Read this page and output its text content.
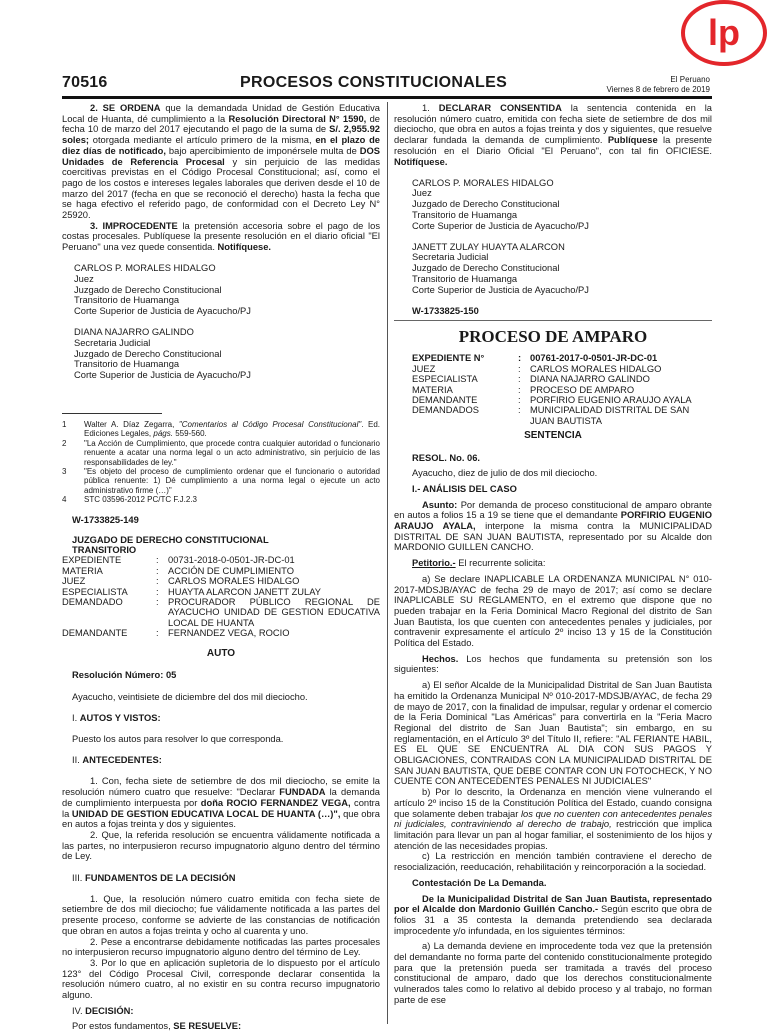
lp
70516	PROCESOS CONSTITUCIONALES	El Peruano
Viernes 8 de febrero de 2019

2. SE ORDENA que la demandada Unidad de Gestión Educativa Local de Huanta, dé cumplimiento a la Resolución Directoral N° 1590, de fecha 10 de marzo del 2017 ejecutando el pago de la suma de S/. 2,955.92 soles; otorgada mediante el artículo primero de la misma, en el plazo de diez días de notificado, bajo apercibimiento de imponérsele multa de DOS Unidades de Referencia Procesal y sin perjuicio de las medidas coercitivas previstas en el Código Procesal Constitucional; así, como el pago de los costos e intereses legales laborales que deriven desde el 10 de marzo del 2017 (fecha en que se reconoció el derecho) hasta la fecha que se haga efectivo el referido pago, de conformidad con el Decreto Ley N° 25920.

3. IMPROCEDENTE la pretensión accesoria sobre el pago de los costas procesales. Publíquese la presente resolución en el diario oficial "El Peruano" una vez quede consentida. Notifíquese.

CARLOS P. MORALES HIDALGO
Juez
Juzgado de Derecho Constitucional
Transitorio de Huamanga
Corte Superior de Justicia de Ayacucho/PJ
DIANA NAJARRO GALINDO
Secretaria Judicial
Juzgado de Derecho Constitucional
Transitorio de Huamanga
Corte Superior de Justicia de Ayacucho/PJ
1	Walter A. Díaz Zegarra, "Comentarios al Código Procesal Constitucional". Ed. Ediciones Legales, págs. 559-560.
2	"La Acción de Cumplimiento, que procede contra cualquier autoridad o funcionario renuente a acatar una norma legal o un acto administrativo, sin perjuicio de las responsabilidades de ley."
3	"Es objeto del proceso de cumplimiento ordenar que el funcionario o autoridad pública renuente: 1) Dé cumplimiento a una norma legal o ejecute un acto administrativo firme (…)"
4	STC 03596-2012 PC/TC F.J.2.3
W-1733825-149
JUZGADO DE DERECHO CONSTITUCIONAL
TRANSITORIO
EXPEDIENTE	:	00731-2018-0-0501-JR-DC-01
MATERIA	:	ACCIÓN DE CUMPLIMIENTO
JUEZ	:	CARLOS MORALES HIDALGO
ESPECIALISTA	:	HUAYTA ALARCON JANETT ZULAY
DEMANDADO	:	PROCURADOR PÚBLICO REGIONAL DE AYACUCHO UNIDAD DE GESTION EDUCATIVA LOCAL DE HUANTA
DEMANDANTE	:	FERNANDEZ VEGA, ROCIO
AUTO

Resolución Número: 05

Ayacucho, veintisiete de diciembre del dos mil dieciocho.

I. AUTOS Y VISTOS:

Puesto los autos para resolver lo que corresponda.

II. ANTECEDENTES:

1. Con, fecha siete de setiembre de dos mil dieciocho, se emite la resolución número cuatro que resuelve: "Declarar FUNDADA la demanda de cumplimiento interpuesta por doña ROCIO FERNANDEZ VEGA, contra la UNIDAD DE GESTION EDUCATIVA LOCAL DE HUANTA (…)", que obra en autos a fojas treinta y dos y siguientes.

2. Que, la referida resolución se encuentra válidamente notificada a las partes, no interpusieron recurso impugnatorio alguno dentro del término de Ley.

III. FUNDAMENTOS DE LA DECISIÓN

1. Que, la resolución número cuatro emitida con fecha siete de setiembre de dos mil dieciocho; fue válidamente notificada a las partes del presente proceso, conforme se advierte de las constancias de notificación que obran en autos a fojas treinta y ocho al cuarenta y uno.

2. Pese a encontrarse debidamente notificadas las partes procesales no interpusieron recurso impugnatorio alguno dentro del término de Ley.

3. Por lo que en aplicación supletoria de lo dispuesto por el artículo 123° del Código Procesal Civil, corresponde declarar consentida la resolución número cuatro, al no existir en su contra recurso impugnatorio alguno.

IV. DECISIÓN:

Por estos fundamentos, SE RESUELVE:

1. DECLARAR CONSENTIDA la sentencia contenida en la resolución número cuatro, emitida con fecha siete de setiembre de dos mil dieciocho, que obra en autos a fojas treinta y dos y siguientes, que resuelve declarar fundada la demanda de cumplimiento. Publíquese la presente resolución en el Diario Oficial "El Peruano", con tal fin OFICIESE. Notifíquese.

CARLOS P. MORALES HIDALGO
Juez
Juzgado de Derecho Constitucional
Transitorio de Huamanga
Corte Superior de Justicia de Ayacucho/PJ
JANETT ZULAY HUAYTA ALARCON
Secretaria Judicial
Juzgado de Derecho Constitucional
Transitorio de Huamanga
Corte Superior de Justicia de Ayacucho/PJ
W-1733825-150
PROCESO DE AMPARO
EXPEDIENTE N°	: 00761-2017-0-0501-JR-DC-01
JUEZ	:	CARLOS MORALES HIDALGO
ESPECIALISTA	:	DIANA NAJARRO GALINDO
MATERIA	:	PROCESO DE AMPARO
DEMANDANTE	:	PORFIRIO EUGENIO ARAUJO AYALA
DEMANDADOS	:	MUNICIPALIDAD DISTRITAL DE SAN JUAN BAUTISTA
SENTENCIA

RESOL. No. 06.

Ayacucho, diez de julio de dos mil dieciocho.

I.- ANÁLISIS DEL CASO

Asunto: Por demanda de proceso constitucional de amparo obrante en autos a folios 15 a 19 se tiene que el demandante PORFIRIO EUGENIO ARAUJO AYALA, interpone la misma contra la MUNICIPALIDAD DISTRITAL DE SAN JUAN BAUTISTA, representado por su Alcalde don MARDONIO GUILLEN CANCHO.

Petitorio.- El recurrente solicita:

a) Se declare INAPLICABLE LA ORDENANZA MUNICIPAL N° 010-2017-MDSJB/AYAC de fecha 29 de mayo de 2017; así como se declare INAPLICABLE SU REGLAMENTO, en el extremo que dispone que no pueden trabajar en la Feria Dominical Macro Regional del distrito de San Juan Bautista, los que cuenten con antecedentes penales y judiciales, por contravenir expresamente el artículo 2º inciso 13 y 15 de la Constitución Política del Estado.

Hechos. Los hechos que fundamenta su pretensión son los siguientes:

a) El señor Alcalde de la Municipalidad Distrital de San Juan Bautista ha emitido la Ordenanza Municipal Nº 010-2017-MDSJB/AYAC, de fecha 29 de mayo de 2017, con la finalidad de impulsar, regular y ordenar el comercio de la Feria Dominical "Las Américas" para convertirla en la "Feria Macro Regional del distrito de San Juan Bautista"; sin embargo, en su reglamentación, en el Artículo 3º del Título II, refiere: "AL FERIANTE HABIL, ES EL QUE SE ENCUENTRA AL DIA CON SUS PAGOS Y OBLIGACIONES, CONTRAIDAS CON LA MUNICIPALIDAD DISTRITAL DE SAN JUAN BAUTISTA, QUE DEBE CONTAR CON UN FOTOCHECK, Y NO CUENTE CON ANTECEDENTES PENALES NI JUDICIALES"

b) Por lo descrito, la Ordenanza en mención viene vulnerando el artículo 2º inciso 15 de la Constitución Política del Estado, cuando consigna que solamente deben trabajar los que no cuenten con antecedentes penales ni judiciales, contraviniendo al derecho de trabajo, restricción que implica limitación para llevar un pan al hogar familiar, el sostenimiento de los hijos y atención de las necesidades propias.

c) La restricción en mención también contraviene el derecho de resocialización, reeducación, rehabilitación y reincorporación a la sociedad.

Contestación De La Demanda.

De la Municipalidad Distrital de San Juan Bautista, representado por el Alcalde don Mardonio Guillén Cancho.- Según escrito que obra de folios 31 a 35 contesta la demanda pretendiendo sea declarada improcedente y/o infundada, en los siguientes términos:

a) La demanda deviene en improcedente toda vez que la pretensión del demandante no forma parte del contenido constitucionalmente protegido para que la pretensión pueda ser tramitada a través del proceso constitucional de amparo, dado que los derechos constitucionalmente vulnerados tales como lo relativo al debido proceso y al trabajo, no forman parte de ese
